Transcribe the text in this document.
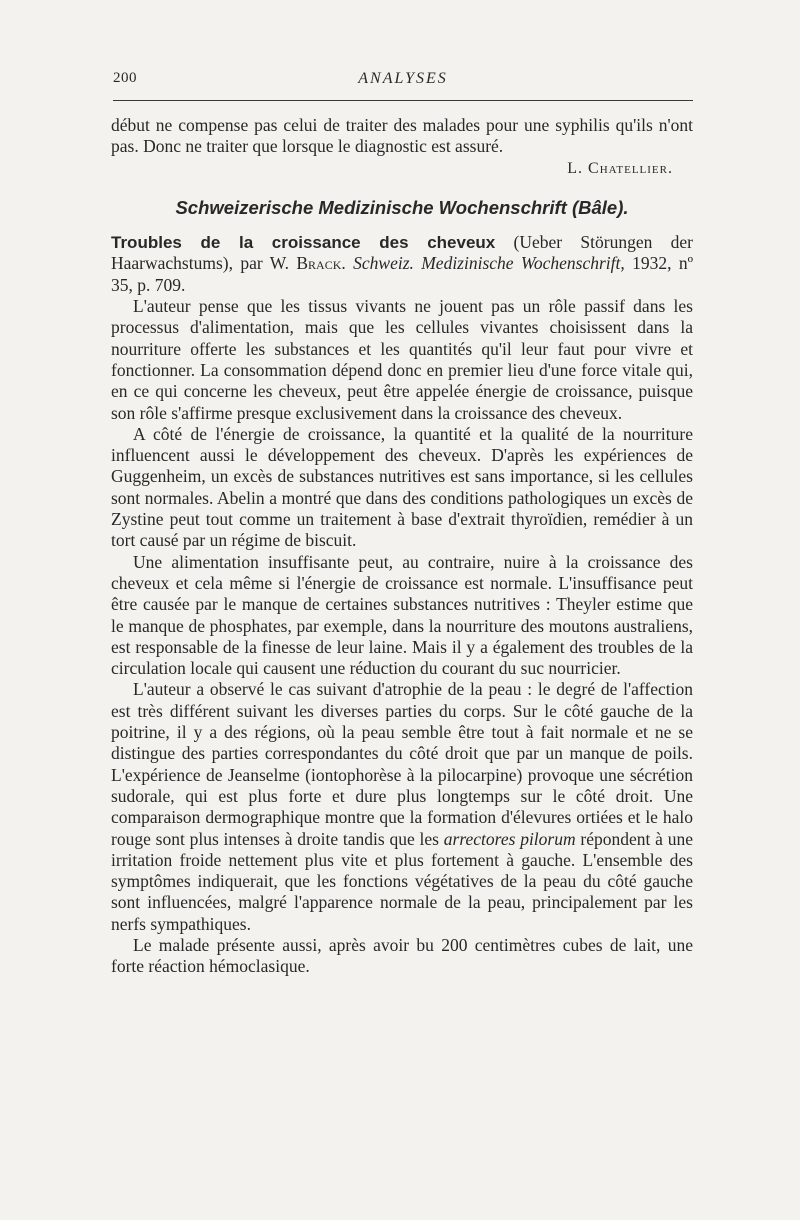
200	ANALYSES

début ne compense pas celui de traiter des malades pour une syphilis qu'ils n'ont pas. Donc ne traiter que lorsque le diagnostic est assuré.

L. Chatellier.

Schweizerische Medizinische Wochenschrift (Bâle).

Troubles de la croissance des cheveux (Ueber Störungen der Haarwachstums), par W. Brack. Schweiz. Medizinische Wochenschrift, 1932, nº 35, p. 709.

L'auteur pense que les tissus vivants ne jouent pas un rôle passif dans les processus d'alimentation, mais que les cellules vivantes choisissent dans la nourriture offerte les substances et les quantités qu'il leur faut pour vivre et fonctionner. La consommation dépend donc en premier lieu d'une force vitale qui, en ce qui concerne les cheveux, peut être appelée énergie de croissance, puisque son rôle s'affirme presque exclusivement dans la croissance des cheveux.

A côté de l'énergie de croissance, la quantité et la qualité de la nourriture influencent aussi le développement des cheveux. D'après les expériences de Guggenheim, un excès de substances nutritives est sans importance, si les cellules sont normales. Abelin a montré que dans des conditions pathologiques un excès de Zystine peut tout comme un traitement à base d'extrait thyroïdien, remédier à un tort causé par un régime de biscuit.

Une alimentation insuffisante peut, au contraire, nuire à la croissance des cheveux et cela même si l'énergie de croissance est normale. L'insuffisance peut être causée par le manque de certaines substances nutritives : Theyler estime que le manque de phosphates, par exemple, dans la nourriture des moutons australiens, est responsable de la finesse de leur laine. Mais il y a également des troubles de la circulation locale qui causent une réduction du courant du suc nourricier.

L'auteur a observé le cas suivant d'atrophie de la peau : le degré de l'affection est très différent suivant les diverses parties du corps. Sur le côté gauche de la poitrine, il y a des régions, où la peau semble être tout à fait normale et ne se distingue des parties correspondantes du côté droit que par un manque de poils. L'expérience de Jeanselme (iontophorèse à la pilocarpine) provoque une sécrétion sudorale, qui est plus forte et dure plus longtemps sur le côté droit. Une comparaison dermographique montre que la formation d'élevures ortiées et le halo rouge sont plus intenses à droite tandis que les arrectores pilorum répondent à une irritation froide nettement plus vite et plus fortement à gauche. L'ensemble des symptômes indiquerait, que les fonctions végétatives de la peau du côté gauche sont influencées, malgré l'apparence normale de la peau, principalement par les nerfs sympathiques.

Le malade présente aussi, après avoir bu 200 centimètres cubes de lait, une forte réaction hémoclasique.
